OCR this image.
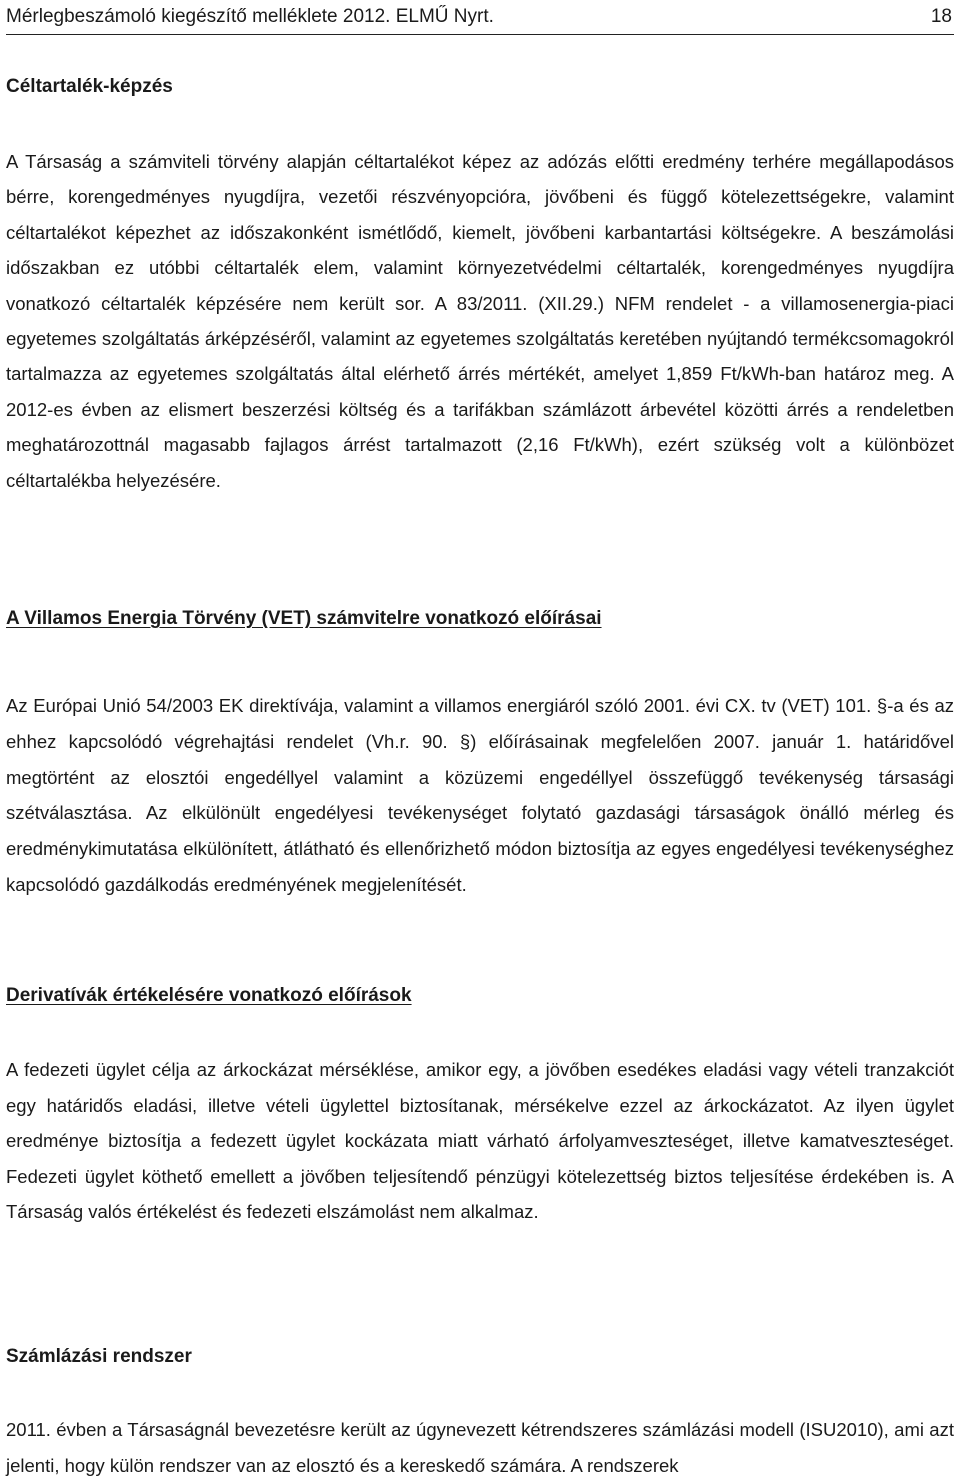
Mérlegbeszámoló kiegészítő melléklete 2012. ELMŰ Nyrt.	18
Céltartalék-képzés

A Társaság a számviteli törvény alapján céltartalékot képez az adózás előtti eredmény terhére megállapodásos bérre, korengedményes nyugdíjra, vezetői részvényopcióra, jövőbeni és függő kötelezettségekre, valamint céltartalékot képezhet az időszakonként ismétlődő, kiemelt, jövőbeni karbantartási költségekre. A beszámolási időszakban ez utóbbi céltartalék elem, valamint környezetvédelmi céltartalék, korengedményes nyugdíjra vonatkozó céltartalék képzésére nem került sor. A 83/2011. (XII.29.) NFM rendelet - a villamosenergia-piaci egyetemes szolgáltatás árképzéséről, valamint az egyetemes szolgáltatás keretében nyújtandó termékcsomagokról tartalmazza az egyetemes szolgáltatás által elérhető árrés mértékét, amelyet 1,859 Ft/kWh-ban határoz meg. A 2012-es évben az elismert beszerzési költség és a tarifákban számlázott árbevétel közötti árrés a rendeletben meghatározottnál magasabb fajlagos árrést tartalmazott (2,16 Ft/kWh), ezért szükség volt a különbözet céltartalékba helyezésére.

A Villamos Energia Törvény (VET) számvitelre vonatkozó előírásai

Az Európai Unió 54/2003 EK direktívája, valamint a villamos energiáról szóló 2001. évi CX. tv (VET) 101. §-a és az ehhez kapcsolódó végrehajtási rendelet (Vh.r. 90. §) előírásainak megfelelően 2007. január 1. határidővel megtörtént az elosztói engedéllyel valamint a közüzemi engedéllyel összefüggő tevékenység társasági szétválasztása. Az elkülönült engedélyesi tevékenységet folytató gazdasági társaságok önálló mérleg és eredménykimutatása elkülönített, átlátható és ellenőrizhető módon biztosítja az egyes engedélyesi tevékenységhez kapcsolódó gazdálkodás eredményének megjelenítését.

Derivatívák értékelésére vonatkozó előírások

A fedezeti ügylet célja az árkockázat mérséklése, amikor egy, a jövőben esedékes eladási vagy vételi tranzakciót egy határidős eladási, illetve vételi ügylettel biztosítanak, mérsékelve ezzel az árkockázatot. Az ilyen ügylet eredménye biztosítja a fedezett ügylet kockázata miatt várható árfolyamveszteséget, illetve kamatveszteséget. Fedezeti ügylet köthető emellett a jövőben teljesítendő pénzügyi kötelezettség biztos teljesítése érdekében is. A Társaság valós értékelést és fedezeti elszámolást nem alkalmaz.

Számlázási rendszer

2011. évben a Társaságnál bevezetésre került az úgynevezett kétrendszeres számlázási modell (ISU2010), ami azt jelenti, hogy külön rendszer van az elosztó és a kereskedő számára. A rendszerek
